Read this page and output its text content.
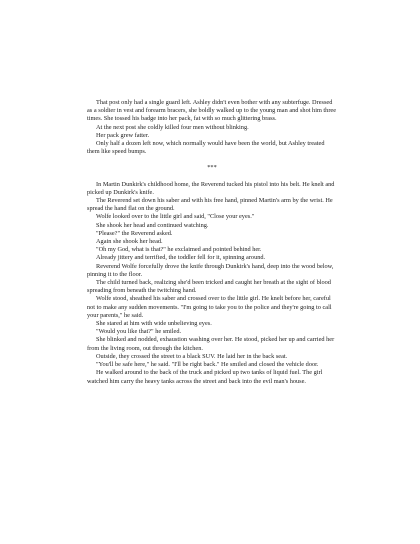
That post only had a single guard left. Ashley didn't even bother with any subterfuge. Dressed as a soldier in vest and forearm bracers, she boldly walked up to the young man and shot him three times. She tossed his badge into her pack, fat with so much glittering brass.

At the next post she coldly killed four men without blinking.

Her pack grew fatter.

Only half a dozen left now, which normally would have been the world, but Ashley treated them like speed bumps.

***

In Martin Dunkirk's childhood home, the Reverend tucked his pistol into his belt. He knelt and picked up Dunkirk's knife.

The Reverend set down his saber and with his free hand, pinned Martin's arm by the wrist. He spread the hand flat on the ground.

Wolfe looked over to the little girl and said, "Close your eyes."

She shook her head and continued watching.

"Please?" the Reverend asked.

Again she shook her head.

"Oh my God, what is that?" he exclaimed and pointed behind her.

Already jittery and terrified, the toddler fell for it, spinning around.

Reverend Wolfe forcefully drove the knife through Dunkirk's hand, deep into the wood below, pinning it to the floor.

The child turned back, realizing she'd been tricked and caught her breath at the sight of blood spreading from beneath the twitching hand.

Wolfe stood, sheathed his saber and crossed over to the little girl. He knelt before her, careful not to make any sudden movements. "I'm going to take you to the police and they're going to call your parents," he said.

She stared at him with wide unbelieving eyes.

"Would you like that?" he smiled.

She blinked and nodded, exhaustion washing over her. He stood, picked her up and carried her from the living room, out through the kitchen.

Outside, they crossed the street to a black SUV. He laid her in the back seat.

"You'll be safe here," he said. "I'll be right back." He smiled and closed the vehicle door.

He walked around to the back of the truck and picked up two tanks of liquid fuel. The girl watched him carry the heavy tanks across the street and back into the evil man's house.
